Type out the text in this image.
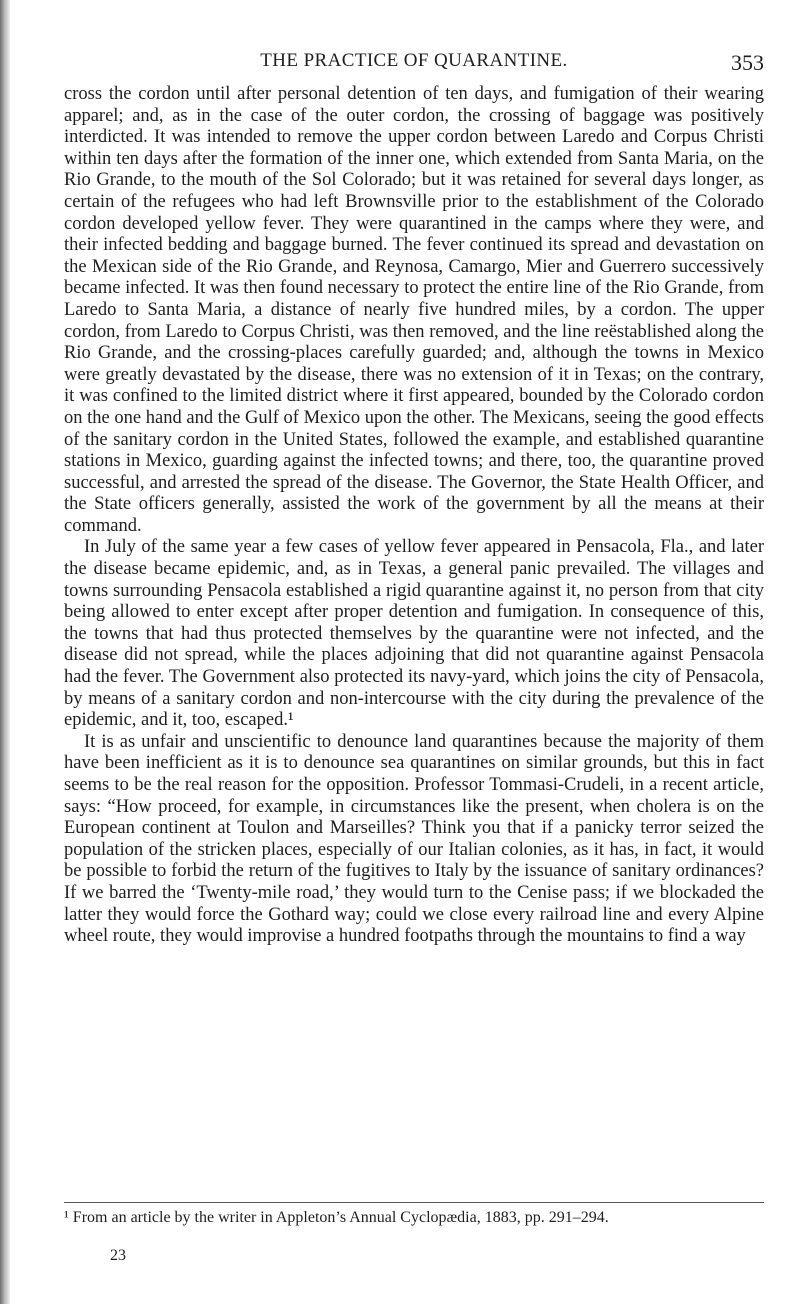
THE PRACTICE OF QUARANTINE.	353

cross the cordon until after personal detention of ten days, and fumigation of their wearing apparel; and, as in the case of the outer cordon, the crossing of baggage was positively interdicted. It was intended to remove the upper cordon between Laredo and Corpus Christi within ten days after the formation of the inner one, which extended from Santa Maria, on the Rio Grande, to the mouth of the Sol Colorado; but it was retained for several days longer, as certain of the refugees who had left Brownsville prior to the establishment of the Colorado cordon developed yellow fever. They were quarantined in the camps where they were, and their infected bedding and baggage burned. The fever continued its spread and devastation on the Mexican side of the Rio Grande, and Reynosa, Camargo, Mier and Guerrero successively became infected. It was then found necessary to protect the entire line of the Rio Grande, from Laredo to Santa Maria, a distance of nearly five hundred miles, by a cordon. The upper cordon, from Laredo to Corpus Christi, was then removed, and the line reëstablished along the Rio Grande, and the crossing-places carefully guarded; and, although the towns in Mexico were greatly devastated by the disease, there was no extension of it in Texas; on the contrary, it was confined to the limited district where it first appeared, bounded by the Colorado cordon on the one hand and the Gulf of Mexico upon the other. The Mexicans, seeing the good effects of the sanitary cordon in the United States, followed the example, and established quarantine stations in Mexico, guarding against the infected towns; and there, too, the quarantine proved successful, and arrested the spread of the disease. The Governor, the State Health Officer, and the State officers generally, assisted the work of the government by all the means at their command.

In July of the same year a few cases of yellow fever appeared in Pensacola, Fla., and later the disease became epidemic, and, as in Texas, a general panic prevailed. The villages and towns surrounding Pensacola established a rigid quarantine against it, no person from that city being allowed to enter except after proper detention and fumigation. In consequence of this, the towns that had thus protected themselves by the quarantine were not infected, and the disease did not spread, while the places adjoining that did not quarantine against Pensacola had the fever. The Government also protected its navy-yard, which joins the city of Pensacola, by means of a sanitary cordon and non-intercourse with the city during the prevalence of the epidemic, and it, too, escaped.¹

It is as unfair and unscientific to denounce land quarantines because the majority of them have been inefficient as it is to denounce sea quarantines on similar grounds, but this in fact seems to be the real reason for the opposition. Professor Tommasi-Crudeli, in a recent article, says: “How proceed, for example, in circumstances like the present, when cholera is on the European continent at Toulon and Marseilles? Think you that if a panicky terror seized the population of the stricken places, especially of our Italian colonies, as it has, in fact, it would be possible to forbid the return of the fugitives to Italy by the issuance of sanitary ordinances? If we barred the ‘Twenty-mile road,’ they would turn to the Cenise pass; if we blockaded the latter they would force the Gothard way; could we close every railroad line and every Alpine wheel route, they would improvise a hundred footpaths through the mountains to find a way

¹ From an article by the writer in Appleton’s Annual Cyclopædia, 1883, pp. 291–294.
23
